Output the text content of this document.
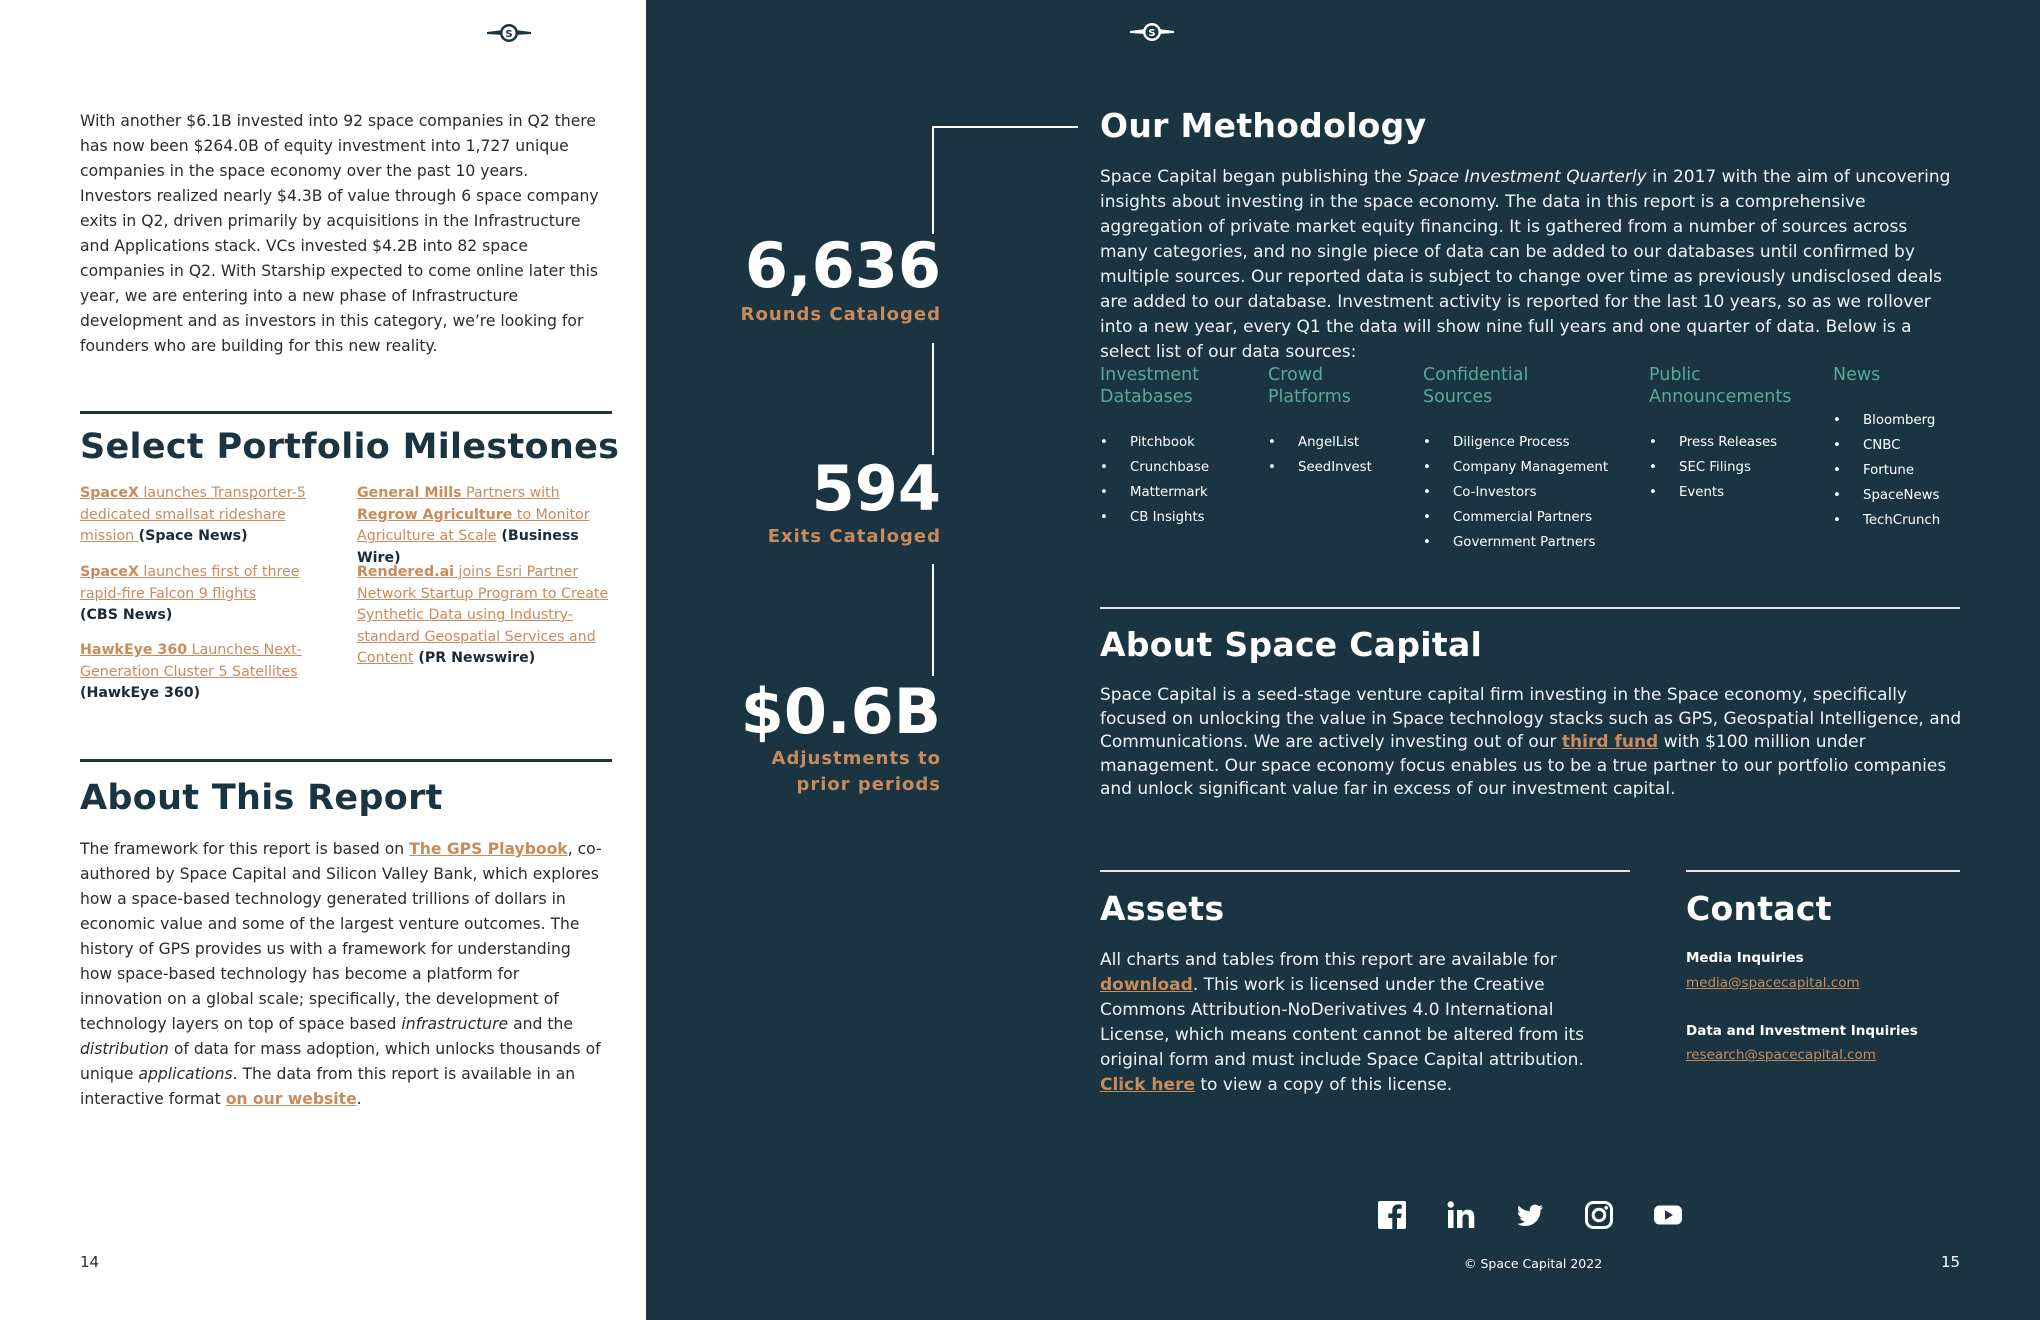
S

With another $6.1B invested into 92 space companies in Q2 there has now been $264.0B of equity investment into 1,727 unique companies in the space economy over the past 10 years. Investors realized nearly $4.3B of value through 6 space company exits in Q2, driven primarily by acquisitions in the Infrastructure and Applications stack. VCs invested $4.2B into 82 space companies in Q2. With Starship expected to come online later this year, we are entering into a new phase of Infrastructure development and as investors in this category, we’re looking for founders who are building for this new reality.

Select Portfolio Milestones
SpaceX launches Transporter-5 dedicated smallsat rideshare mission (Space News)
SpaceX launches first of three rapid-fire Falcon 9 flights
(CBS News)
HawkEye 360 Launches Next-Generation Cluster 5 Satellites
(HawkEye 360)
General Mills Partners with Regrow Agriculture to Monitor Agriculture at Scale (Business Wire)
Rendered.ai joins Esri Partner Network Startup Program to Create Synthetic Data using Industry-standard Geospatial Services and Content (PR Newswire)
About This Report

The framework for this report is based on The GPS Playbook, co-authored by Space Capital and Silicon Valley Bank, which explores how a space-based technology generated trillions of dollars in economic value and some of the largest venture outcomes. The history of GPS provides us with a framework for understanding how space-based technology has become a platform for innovation on a global scale; specifically, the development of technology layers on top of space based infrastructure and the distribution of data for mass adoption, which unlocks thousands of unique applications. The data from this report is available in an interactive format on our website.

14
S
6,636
Rounds Cataloged
594
Exits Cataloged
$0.6B
Adjustments to
prior periods
Our Methodology

Space Capital began publishing the Space Investment Quarterly in 2017 with the aim of uncovering insights about investing in the space economy. The data in this report is a comprehensive aggregation of private market equity financing. It is gathered from a number of sources across many categories, and no single piece of data can be added to our databases until confirmed by multiple sources. Our reported data is subject to change over time as previously undisclosed deals are added to our database. Investment activity is reported for the last 10 years, so as we rollover into a new year, every Q1 the data will show nine full years and one quarter of data. Below is a select list of our data sources:

Investment
Databases
• Pitchbook
• Crunchbase
• Mattermark
• CB Insights
Crowd
Platforms
• AngelList
• SeedInvest
Confidential
Sources
• Diligence Process
• Company Management
• Co-Investors
• Commercial Partners
• Government Partners
Public
Announcements
• Press Releases
• SEC Filings
• Events
News

• Bloomberg
• CNBC
• Fortune
• SpaceNews
• TechCrunch
About Space Capital

Space Capital is a seed-stage venture capital firm investing in the Space economy, specifically focused on unlocking the value in Space technology stacks such as GPS, Geospatial Intelligence, and Communications. We are actively investing out of our third fund with $100 million under management. Our space economy focus enables us to be a true partner to our portfolio companies and unlock significant value far in excess of our investment capital.

Assets

All charts and tables from this report are available for download. This work is licensed under the Creative Commons Attribution-NoDerivatives 4.0 International License, which means content cannot be altered from its original form and must include Space Capital attribution. Click here to view a copy of this license.

Contact
Media Inquiries
media@spacecapital.com
Data and Investment Inquiries
research@spacecapital.com
© Space Capital 2022	15
